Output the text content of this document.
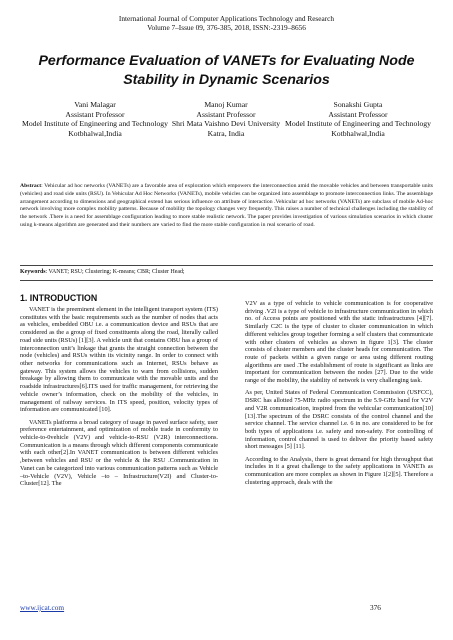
International Journal of Computer Applications Technology and Research
Volume 7–Issue 09, 376-385, 2018, ISSN:-2319–8656
Performance Evaluation of VANETs for Evaluating Node Stability in Dynamic Scenarios
Vani Malagar
Assistant Professor
Model Institute of Engineering and Technology
Kotbhalwal,India
Manoj Kumar
Assistant Professor
Shri Mata Vaishno Devi University
Katra, India
Sonakshi Gupta
Assistant Professor
Model Institute of Engineering and Technology
Kotbhalwal,India
Abstract: Vehicular ad hoc networks (VANETs) are a favorable area of exploration which empowers the interconnection amid the movable vehicles and between transportable units (vehicles) and road side units (RSU). In Vehicular Ad Hoc Networks (VANETs), mobile vehicles can be organized into assemblage to promote interconnection links. The assemblage arrangement according to dimensions and geographical extend has serious influence on attribute of interaction .Vehicular ad hoc networks (VANETs) are subclass of mobile Ad-hoc network involving more complex mobility patterns. Because of mobility the topology changes very frequently. This raises a number of technical challenges including the stability of the network .There is a need for assemblage configuration leading to more stable realistic network. The paper provides investigation of various simulation scenarios in which cluster using k-means algorithm are generated and their numbers are varied to find the more stable configuration in real scenario of road.
Keywords: VANET; RSU; Clustering; K-means; CBR; Cluster Head;
1. INTRODUCTION

VANET is the preeminent element in the intelligent transport system (ITS) constitutes with the basic requirements such as the number of nodes that acts as vehicles, embedded OBU i.e. a communication device and RSUs that are considered as the a group of fixed constituents along the road, literally called road side units (RSUs) [1][3]. A vehicle unit that contains OBU has a group of interconnection unit’s linkage that grants the straight connection between the node (vehicles) and RSUs within its vicinity range. In order to connect with other networks for communications such as Internet, RSUs behave as gateway. This system allows the vehicles to warn from collisions, sudden breakage by allowing them to communicate with the movable units and the roadside infrastructures[6].ITS used for traffic management, for retrieving the vehicle owner’s information, check on the mobility of the vehicles, in management of railway services. In ITS speed, position, velocity types of information are communicated [10].

VANETs platforms a broad category of usage in paved surface safety, user preference entertainment, and optimization of mobile trade in conformity to vehicle-to-0vehicle (V2V) and vehicle-to-RSU (V2R) interconnections. Communication is a means through which different components communicate with each other[2].In VANET communication is between different vehicles ,between vehicles and RSU or the vehicle & the RSU .Communication in Vanet can be categorized into various communication patterns such as Vehicle –to-Vehicle (V2V), Vehicle –to – Infrastructure(V2I) and Cluster-to-Cluster[12]. The

V2V as a type of vehicle to vehicle communication is for cooperative driving .V2I is a type of vehicle to infrastructure communication in which no. of Access points are positioned with the static infrastructures [4][7]. Similarly C2C is the type of cluster to cluster communication in which different vehicles group together forming a self clusters that communicate with other clusters of vehicles as shown in figure 1[3]. The cluster consists of cluster members and the cluster heads for communication. The route of packets within a given range or area using different routing algorithms are used .The establishment of route is significant as links are important for communication between the nodes [27]. Due to the wide range of the mobility, the stability of network is very challenging task.

As per, United States of Federal Communication Commission (USFCC), DSRC has allotted 75-MHz radio spectrum in the 5.9-GHz band for V2V and V2R communication, inspired from the vehicular communication[10][13].The spectrum of the DSRC consists of the control channel and the service channel. The service channel i.e. 6 in no. are considered to be for both types of applications i.e. safety and non-safety. For controlling of information, control channel is used to deliver the priority based safety short messages [5] [11].

According to the Analysis, there is great demand for high throughput that includes in it a great challenge to the safety applications in VANETs as communication are more complex as shown in Figure 1[2][5]. Therefore a clustering approach, deals with the

www.ijcat.com	376
